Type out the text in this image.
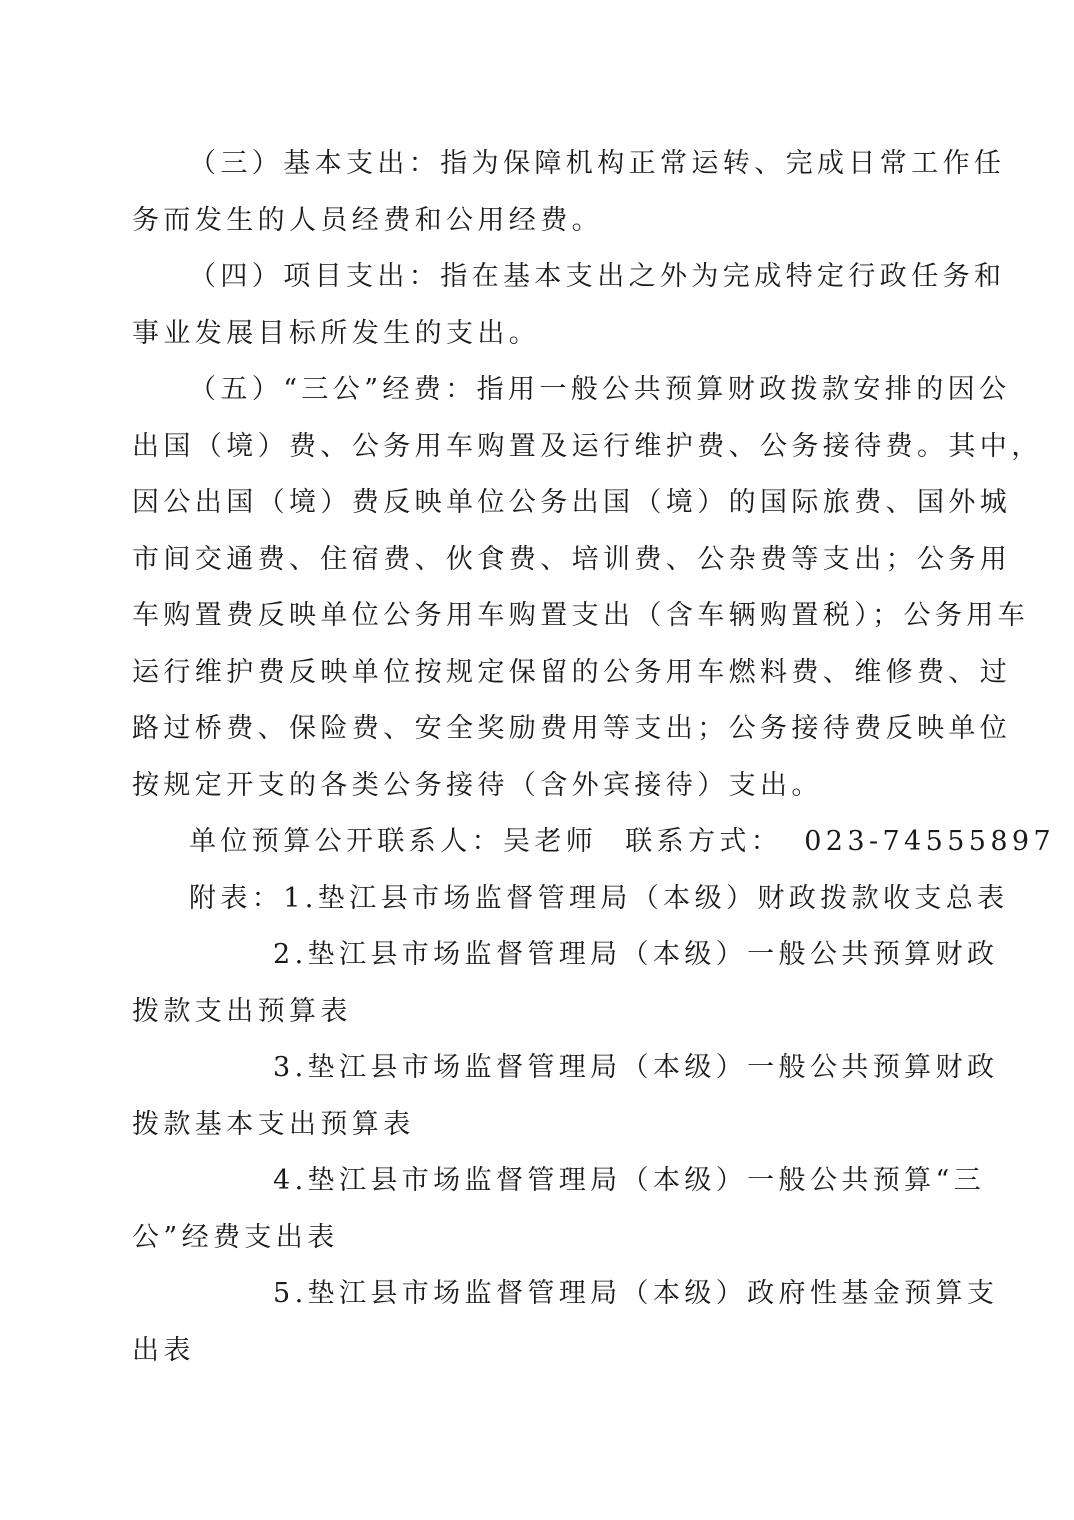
（三）基本支出：指为保障机构正常运转、完成日常工作任
务而发生的人员经费和公用经费。
（四）项目支出：指在基本支出之外为完成特定行政任务和
事业发展目标所发生的支出。
（五）“三公”经费：指用一般公共预算财政拨款安排的因公
出国（境）费、公务用车购置及运行维护费、公务接待费。其中，
因公出国（境）费反映单位公务出国（境）的国际旅费、国外城
市间交通费、住宿费、伙食费、培训费、公杂费等支出；公务用
车购置费反映单位公务用车购置支出（含车辆购置税）；公务用车
运行维护费反映单位按规定保留的公务用车燃料费、维修费、过
路过桥费、保险费、安全奖励费用等支出；公务接待费反映单位
按规定开支的各类公务接待（含外宾接待）支出。
单位预算公开联系人：吴老师 联系方式： 023-74555897
附表：1.垫江县市场监督管理局（本级）财政拨款收支总表
2.垫江县市场监督管理局（本级）一般公共预算财政
拨款支出预算表
3.垫江县市场监督管理局（本级）一般公共预算财政
拨款基本支出预算表
4.垫江县市场监督管理局（本级）一般公共预算“三
公”经费支出表
5.垫江县市场监督管理局（本级）政府性基金预算支
出表
